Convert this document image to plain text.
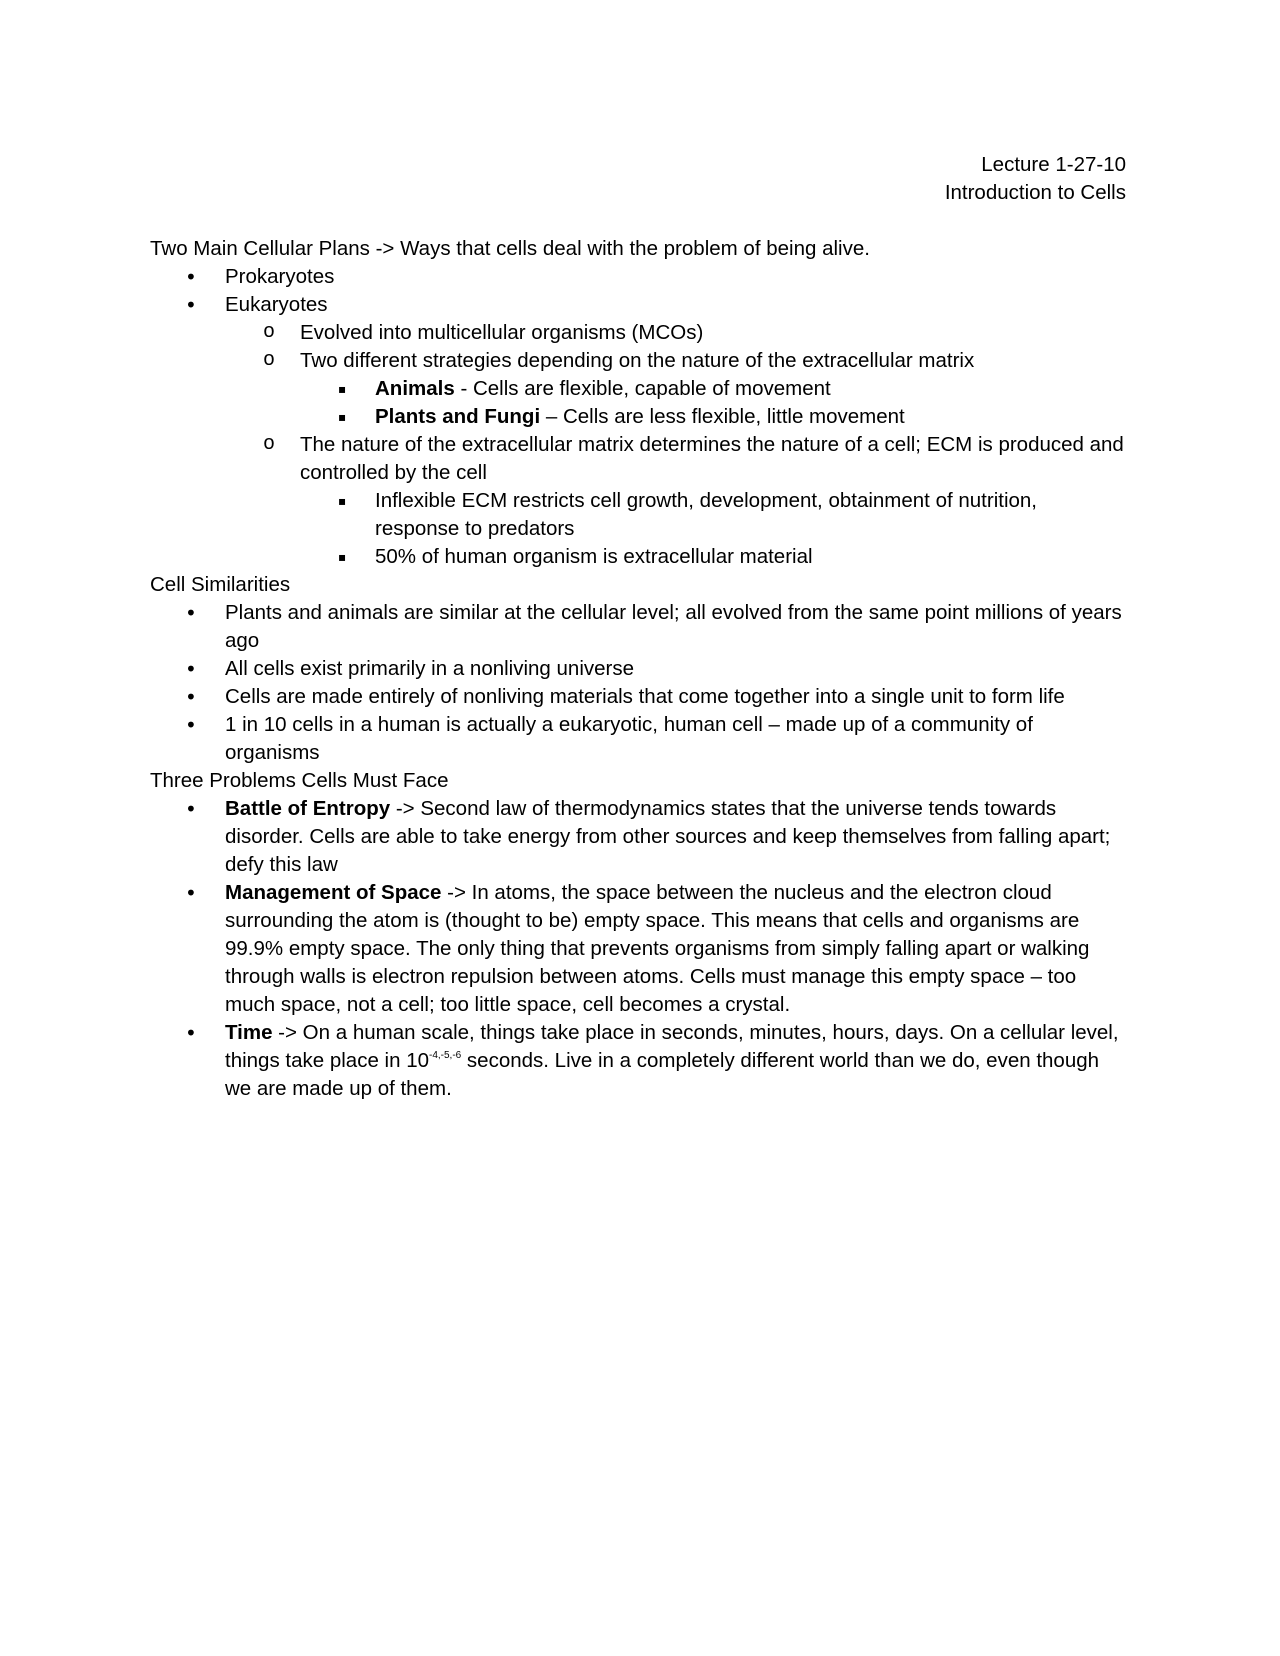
Lecture 1-27-10
Introduction to Cells
Two Main Cellular Plans -> Ways that cells deal with the problem of being alive.
•	Prokaryotes
•	Eukaryotes
o	Evolved into multicellular organisms (MCOs)
o	Two different strategies depending on the nature of the extracellular matrix
▪	Animals - Cells are flexible, capable of movement
▪	Plants and Fungi – Cells are less flexible, little movement
o	The nature of the extracellular matrix determines the nature of a cell; ECM is produced and controlled by the cell
▪	Inflexible ECM restricts cell growth, development, obtainment of nutrition, response to predators
▪	50% of human organism is extracellular material
Cell Similarities
•	Plants and animals are similar at the cellular level; all evolved from the same point millions of years ago
•	All cells exist primarily in a nonliving universe
•	Cells are made entirely of nonliving materials that come together into a single unit to form life
•	1 in 10 cells in a human is actually a eukaryotic, human cell – made up of a community of organisms
Three Problems Cells Must Face
•	Battle of Entropy -> Second law of thermodynamics states that the universe tends towards disorder. Cells are able to take energy from other sources and keep themselves from falling apart; defy this law
•	Management of Space -> In atoms, the space between the nucleus and the electron cloud surrounding the atom is (thought to be) empty space. This means that cells and organisms are 99.9% empty space. The only thing that prevents organisms from simply falling apart or walking through walls is electron repulsion between atoms. Cells must manage this empty space – too much space, not a cell; too little space, cell becomes a crystal.
•	Time -> On a human scale, things take place in seconds, minutes, hours, days. On a cellular level, things take place in $10^{-4,-5,-6}$ seconds. Live in a completely different world than we do, even though we are made up of them.
